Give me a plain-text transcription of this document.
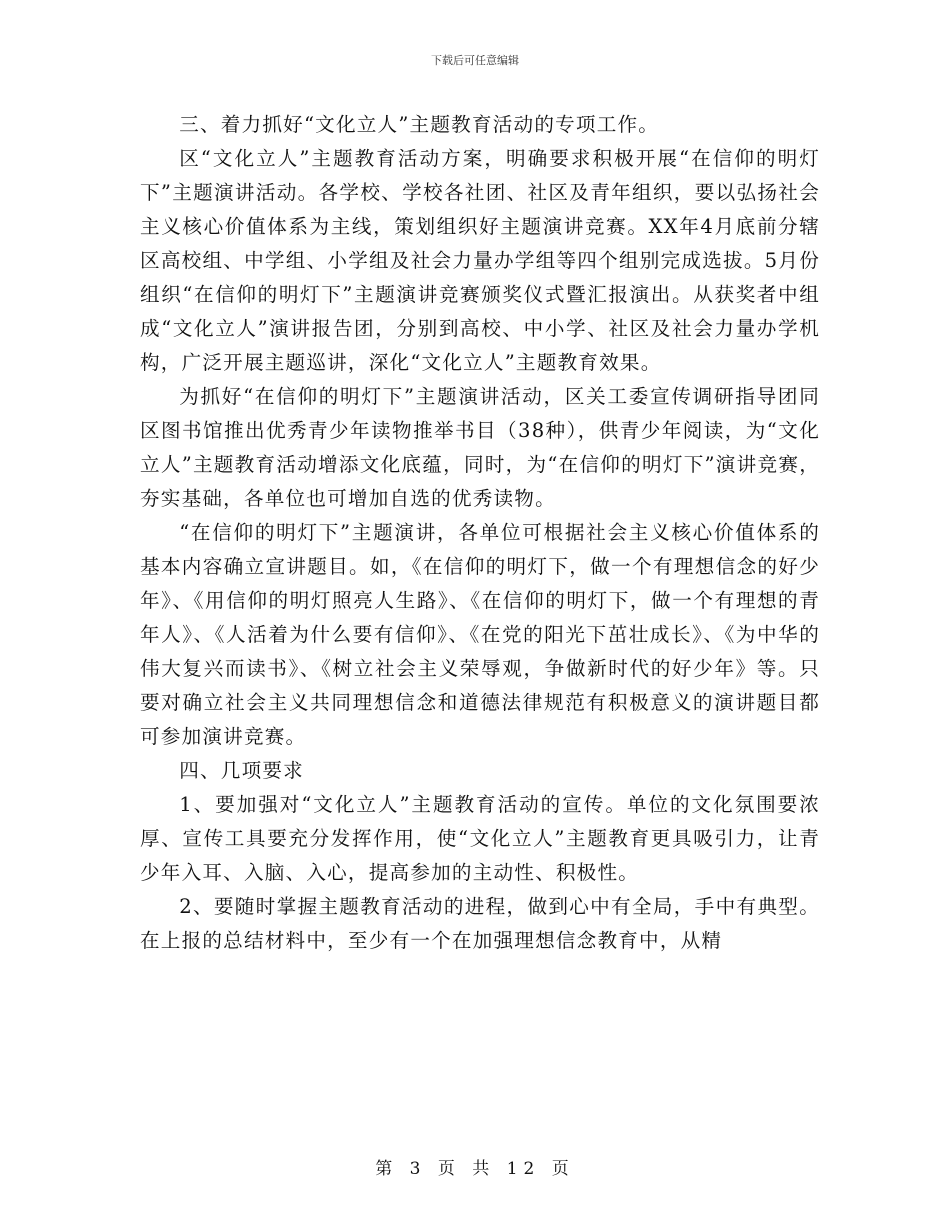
下载后可任意编辑

三、着力抓好“文化立人”主题教育活动的专项工作。

区“文化立人”主题教育活动方案，明确要求积极开展“在信仰的明灯下”主题演讲活动。各学校、学校各社团、社区及青年组织，要以弘扬社会主义核心价值体系为主线，策划组织好主题演讲竞赛。XX年4月底前分辖区高校组、中学组、小学组及社会力量办学组等四个组别完成选拔。5月份组织“在信仰的明灯下”主题演讲竞赛颁奖仪式暨汇报演出。从获奖者中组成“文化立人”演讲报告团，分别到高校、中小学、社区及社会力量办学机构，广泛开展主题巡讲，深化“文化立人”主题教育效果。

为抓好“在信仰的明灯下”主题演讲活动，区关工委宣传调研指导团同区图书馆推出优秀青少年读物推举书目（38种），供青少年阅读，为“文化立人”主题教育活动增添文化底蕴，同时，为“在信仰的明灯下”演讲竞赛，夯实基础，各单位也可增加自选的优秀读物。

“在信仰的明灯下”主题演讲，各单位可根据社会主义核心价值体系的基本内容确立宣讲题目。如，《在信仰的明灯下，做一个有理想信念的好少年》、《用信仰的明灯照亮人生路》、《在信仰的明灯下，做一个有理想的青年人》、《人活着为什么要有信仰》、《在党的阳光下茁壮成长》、《为中华的伟大复兴而读书》、《树立社会主义荣辱观，争做新时代的好少年》等。只要对确立社会主义共同理想信念和道德法律规范有积极意义的演讲题目都可参加演讲竞赛。

四、几项要求

1、要加强对“文化立人”主题教育活动的宣传。单位的文化氛围要浓厚、宣传工具要充分发挥作用，使“文化立人”主题教育更具吸引力，让青少年入耳、入脑、入心，提高参加的主动性、积极性。

2、要随时掌握主题教育活动的进程，做到心中有全局，手中有典型。在上报的总结材料中，至少有一个在加强理想信念教育中，从精

第 3 页 共 12 页
